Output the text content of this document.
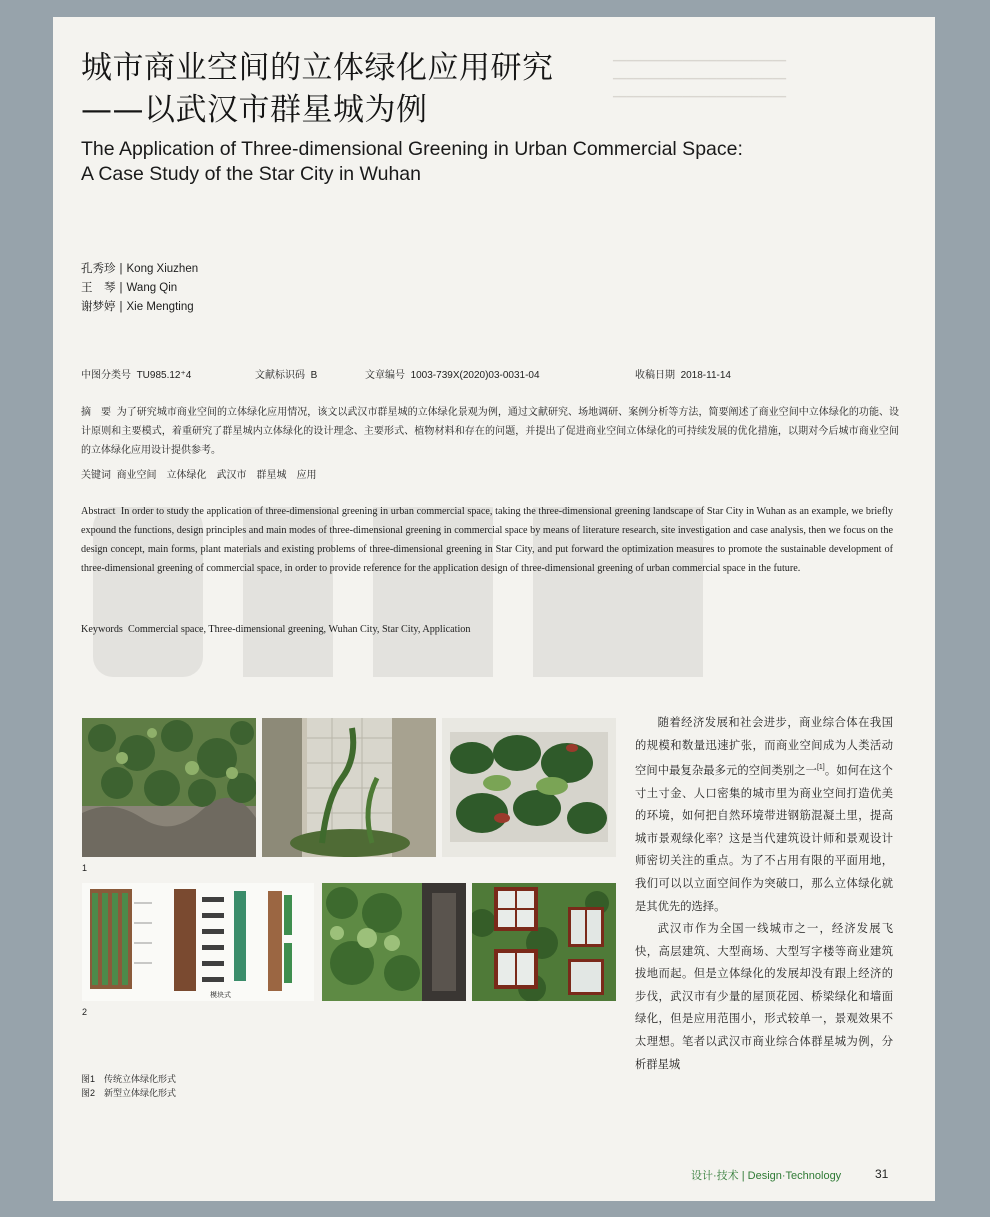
▁▁▁▁▁▁▁▁▁▁▁▁▁▁▁▁▁▁▁▁▁▁▁▁▁
▁▁▁▁▁▁▁▁▁▁▁▁▁▁▁▁▁▁▁▁▁▁▁▁▁
▁▁▁▁▁▁▁▁▁▁▁▁▁▁▁▁▁▁▁▁▁▁▁▁▁
城市商业空间的立体绿化应用研究
——以武汉市群星城为例
The Application of Three-dimensional Greening in Urban Commercial Space:
A Case Study of the Star City in Wuhan
孔秀珍 | Kong Xiuzhen
王　琴 | Wang Qin
谢梦婷 | Xie Mengting
中图分类号 TU985.12⁺4	文献标识码 B	文章编号 1003-739X(2020)03-0031-04	收稿日期 2018-11-14
摘　要 为了研究城市商业空间的立体绿化应用情况，该文以武汉市群星城的立体绿化景观为例，通过文献研究、场地调研、案例分析等方法，简要阐述了商业空间中立体绿化的功能、设计原则和主要模式，着重研究了群星城内立体绿化的设计理念、主要形式、植物材料和存在的问题，并提出了促进商业空间立体绿化的可持续发展的优化措施，以期对今后城市商业空间的立体绿化应用设计提供参考。
关键词 商业空间　立体绿化　武汉市　群星城　应用
Abstract In order to study the application of three-dimensional greening in urban commercial space, taking the three-dimensional greening landscape of Star City in Wuhan as an example, we briefly expound the functions, design principles and main modes of three-dimensional greening in commercial space by means of literature research, site investigation and case analysis, then we focus on the design concept, main forms, plant materials and existing problems of three-dimensional greening in Star City, and put forward the optimization measures to promote the sustainable development of three-dimensional greening of commercial space, in order to provide reference for the application design of three-dimensional greening of urban commercial space in the future.
Keywords Commercial space, Three-dimensional greening, Wuhan City, Star City, Application
1
模块式
2
图1　传统立体绿化形式
图2　新型立体绿化形式

随着经济发展和社会进步，商业综合体在我国的规模和数量迅速扩张，而商业空间成为人类活动空间中最复杂最多元的空间类别之一[1]。如何在这个寸土寸金、人口密集的城市里为商业空间打造优美的环境，如何把自然环境带进钢筋混凝土里，提高城市景观绿化率？这是当代建筑设计师和景观设计师密切关注的重点。为了不占用有限的平面用地，我们可以以立面空间作为突破口，那么立体绿化就是其优先的选择。

武汉市作为全国一线城市之一，经济发展飞快，高层建筑、大型商场、大型写字楼等商业建筑拔地而起。但是立体绿化的发展却没有跟上经济的步伐，武汉市有少量的屋顶花园、桥梁绿化和墙面绿化，但是应用范围小，形式较单一，景观效果不太理想。笔者以武汉市商业综合体群星城为例，分析群星城

设计·技术 | Design·Technology	31
